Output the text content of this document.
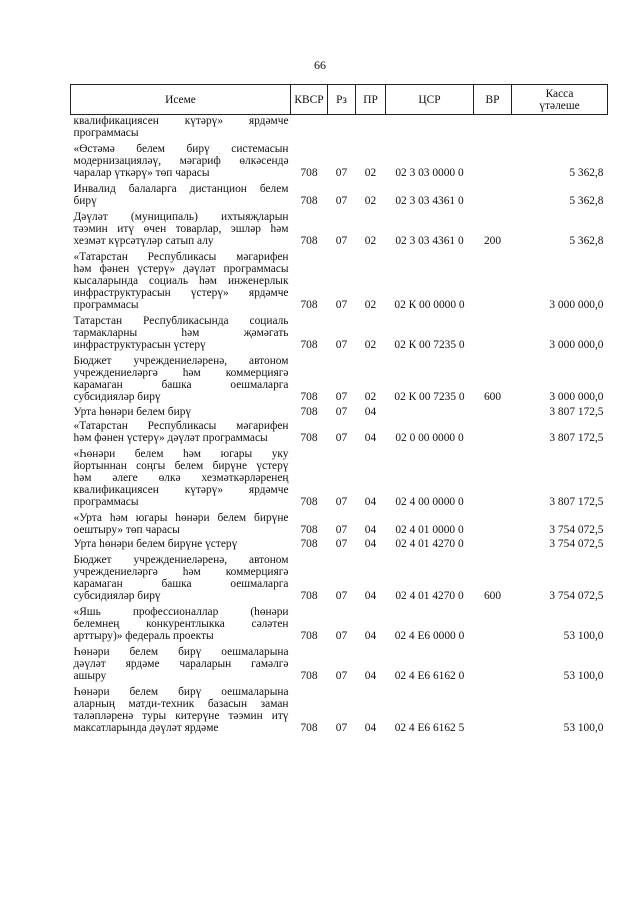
66
Исеме	КВСР	Рз	ПР	ЦСР	ВР	Касса
үтәлеше

квалификациясен күтәрү» ярдәмче
программасы						

«Өстәмә белем бирү системасын
модернизацияләү, мәгариф өлкәсендә
чаралар үткәрү» төп чарасы	708	07	02	02 3 03 0000 0		5 362,8

Инвалид балаларга дистанцион белем
бирү	708	07	02	02 3 03 4361 0		5 362,8

Дәүләт (муниципаль) ихтыяҗларын
тәэмин итү өчен товарлар, эшләр һәм
хезмәт күрсәтүләр сатып алу	708	07	02	02 3 03 4361 0	200	5 362,8

«Татарстан Республикасы мәгарифен
һәм фәнен үстерү» дәүләт программасы
кысаларында социаль һәм инженерлык
инфраструктурасын үстерү» ярдәмче
программасы	708	07	02	02 К 00 0000 0		3 000 000,0

Татарстан Республикасында социаль
тармакларны һәм җәмәгать
инфраструктурасын үстерү	708	07	02	02 К 00 7235 0		3 000 000,0

Бюджет учреждениеләренә, автоном
учреждениеләргә һәм коммерциягә
карамаган башка оешмаларга
субсидияләр бирү	708	07	02	02 К 00 7235 0	600	3 000 000,0

Урта һөнәри белем бирү	708	07	04			3 807 172,5

«Татарстан Республикасы мәгарифен
һәм фәнен үстерү» дәүләт программасы	708	07	04	02 0 00 0000 0		3 807 172,5

«Һөнәри белем һәм югары уку
йортыннан соңгы белем бирүне үстерү
һәм әлеге өлкә хезмәткәрләренең
квалификациясен күтәрү» ярдәмче
программасы	708	07	04	02 4 00 0000 0		3 807 172,5

«Урта һәм югары һөнәри белем бирүне
оештыру» төп чарасы	708	07	04	02 4 01 0000 0		3 754 072,5

Урта һөнәри белем бирүне үстерү	708	07	04	02 4 01 4270 0		3 754 072,5

Бюджет учреждениеләренә, автоном
учреждениеләргә һәм коммерциягә
карамаган башка оешмаларга
субсидияләр бирү	708	07	04	02 4 01 4270 0	600	3 754 072,5

«Яшь профессионаллар (һөнәри
белемнең конкурентлыкка сәләтен
арттыру)» федераль проекты	708	07	04	02 4 Е6 0000 0		53 100,0

Һөнәри белем бирү оешмаларына
дәүләт ярдәме чараларын гамәлгә
ашыру	708	07	04	02 4 Е6 6162 0		53 100,0

Һөнәри белем бирү оешмаларына
аларның матди-техник базасын заман
таләпләренә туры китерүне тәэмин итү
максатларында дәүләт ярдәме	708	07	04	02 4 Е6 6162 5		53 100,0
